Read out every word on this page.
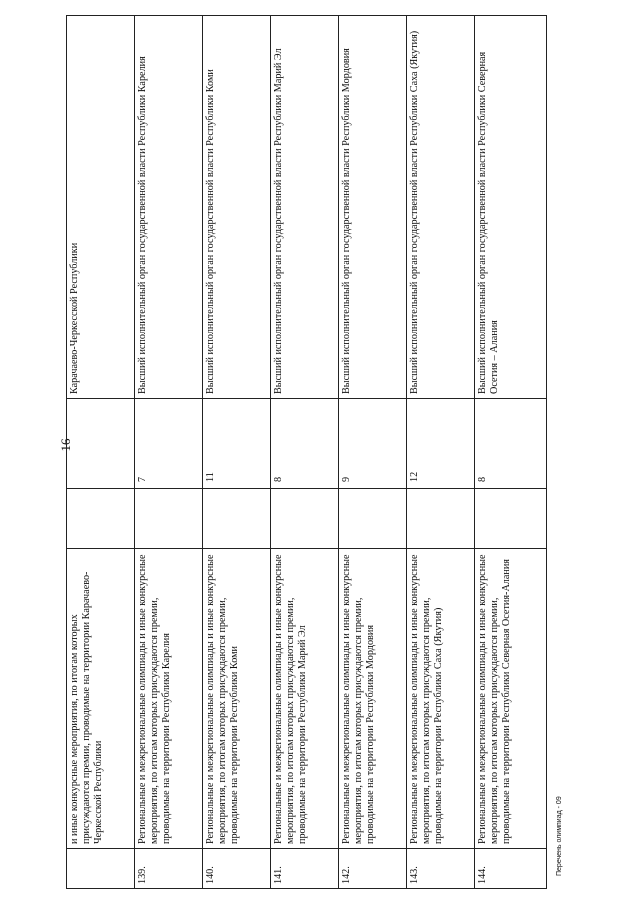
16
	и иные конкурсные мероприятия, по итогам которых присуждаются премии, проводимые на территории Карачаево-Черкесской Республики			Карачаево-Черкесской Республики
139.	Региональные и межрегиональные олимпиады и иные конкурсные мероприятия, по итогам которых присуждаются премии, проводимые на территории Республики Карелия		7	Высший исполнительный орган государственной власти Республики Карелия
140.	Региональные и межрегиональные олимпиады и иные конкурсные мероприятия, по итогам которых присуждаются премии, проводимые на территории Республики Коми		11	Высший исполнительный орган государственной власти Республики Коми
141.	Региональные и межрегиональные олимпиады и иные конкурсные мероприятия, по итогам которых присуждаются премии, проводимые на территории Республики Марий Эл		8	Высший исполнительный орган государственной власти Республики Марий Эл
142.	Региональные и межрегиональные олимпиады и иные конкурсные мероприятия, по итогам которых присуждаются премии, проводимые на территории Республики Мордовия		9	Высший исполнительный орган государственной власти Республики Мордовия
143.	Региональные и межрегиональные олимпиады и иные конкурсные мероприятия, по итогам которых присуждаются премии, проводимые на территории Республики Саха (Якутия)		12	Высший исполнительный орган государственной власти Республики Саха (Якутия)
144.	Региональные и межрегиональные олимпиады и иные конкурсные мероприятия, по итогам которых присуждаются премии, проводимые на территории Республики Северная Осетия-Алания		8	Высший исполнительный орган государственной власти Республики Северная Осетия – Алания
Перечень олимпиад - 09
